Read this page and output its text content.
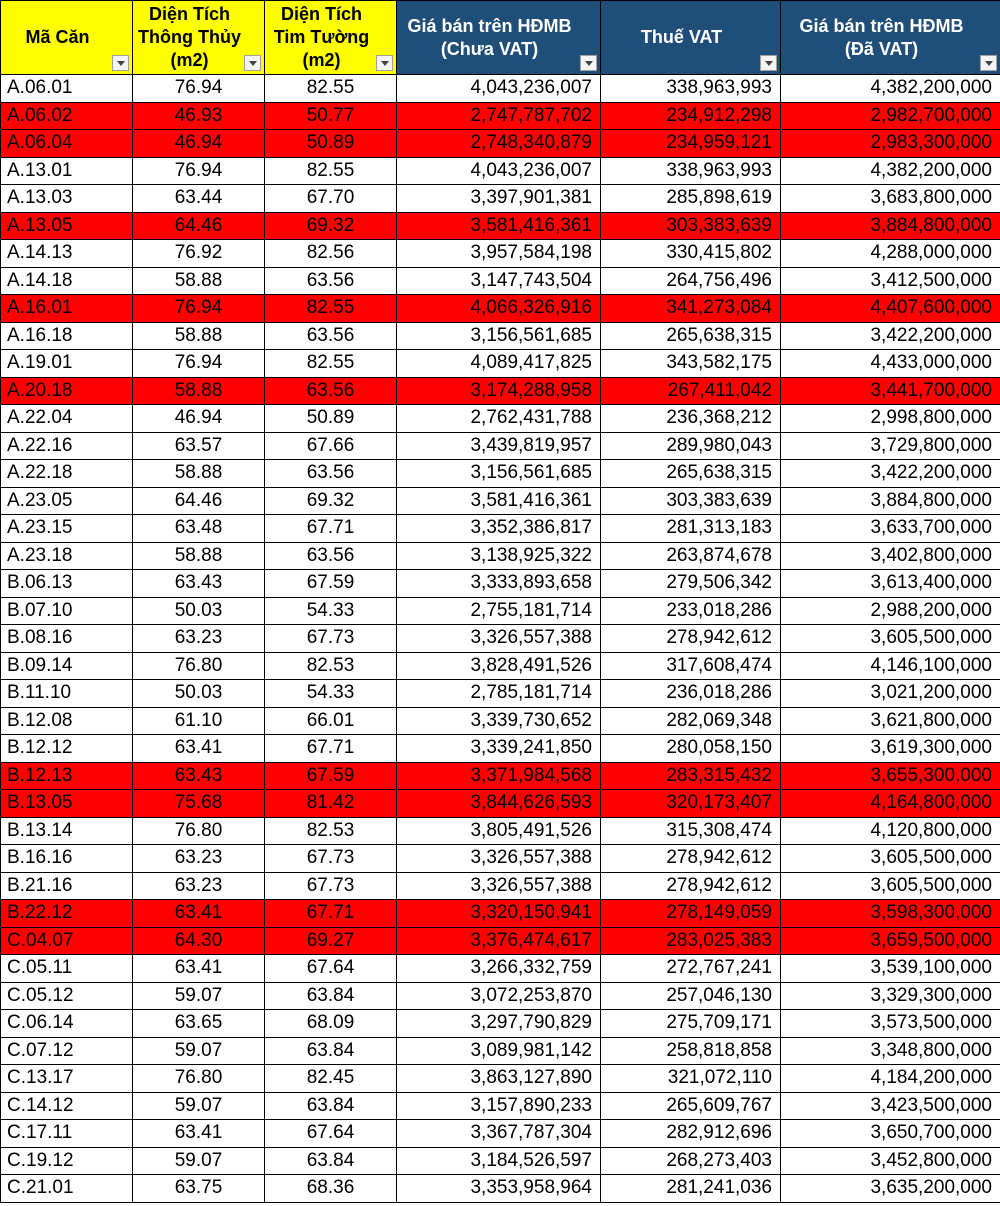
Mã Căn	Diện Tích
Thông Thủy
(m2)	Diện Tích
Tim Tường
(m2)	Giá bán trên HĐMB
(Chưa VAT)	Thuế VAT	Giá bán trên HĐMB
(Đã VAT)

A.06.01	76.94	82.55	4,043,236,007	338,963,993	4,382,200,000
A.06.02	46.93	50.77	2,747,787,702	234,912,298	2,982,700,000
A.06.04	46.94	50.89	2,748,340,879	234,959,121	2,983,300,000
A.13.01	76.94	82.55	4,043,236,007	338,963,993	4,382,200,000
A.13.03	63.44	67.70	3,397,901,381	285,898,619	3,683,800,000
A.13.05	64.46	69.32	3,581,416,361	303,383,639	3,884,800,000
A.14.13	76.92	82.56	3,957,584,198	330,415,802	4,288,000,000
A.14.18	58.88	63.56	3,147,743,504	264,756,496	3,412,500,000
A.16.01	76.94	82.55	4,066,326,916	341,273,084	4,407,600,000
A.16.18	58.88	63.56	3,156,561,685	265,638,315	3,422,200,000
A.19.01	76.94	82.55	4,089,417,825	343,582,175	4,433,000,000
A.20.18	58.88	63.56	3,174,288,958	267,411,042	3,441,700,000
A.22.04	46.94	50.89	2,762,431,788	236,368,212	2,998,800,000
A.22.16	63.57	67.66	3,439,819,957	289,980,043	3,729,800,000
A.22.18	58.88	63.56	3,156,561,685	265,638,315	3,422,200,000
A.23.05	64.46	69.32	3,581,416,361	303,383,639	3,884,800,000
A.23.15	63.48	67.71	3,352,386,817	281,313,183	3,633,700,000
A.23.18	58.88	63.56	3,138,925,322	263,874,678	3,402,800,000
B.06.13	63.43	67.59	3,333,893,658	279,506,342	3,613,400,000
B.07.10	50.03	54.33	2,755,181,714	233,018,286	2,988,200,000
B.08.16	63.23	67.73	3,326,557,388	278,942,612	3,605,500,000
B.09.14	76.80	82.53	3,828,491,526	317,608,474	4,146,100,000
B.11.10	50.03	54.33	2,785,181,714	236,018,286	3,021,200,000
B.12.08	61.10	66.01	3,339,730,652	282,069,348	3,621,800,000
B.12.12	63.41	67.71	3,339,241,850	280,058,150	3,619,300,000
B.12.13	63.43	67.59	3,371,984,568	283,315,432	3,655,300,000
B.13.05	75.68	81.42	3,844,626,593	320,173,407	4,164,800,000
B.13.14	76.80	82.53	3,805,491,526	315,308,474	4,120,800,000
B.16.16	63.23	67.73	3,326,557,388	278,942,612	3,605,500,000
B.21.16	63.23	67.73	3,326,557,388	278,942,612	3,605,500,000
B.22.12	63.41	67.71	3,320,150,941	278,149,059	3,598,300,000
C.04.07	64.30	69.27	3,376,474,617	283,025,383	3,659,500,000
C.05.11	63.41	67.64	3,266,332,759	272,767,241	3,539,100,000
C.05.12	59.07	63.84	3,072,253,870	257,046,130	3,329,300,000
C.06.14	63.65	68.09	3,297,790,829	275,709,171	3,573,500,000
C.07.12	59.07	63.84	3,089,981,142	258,818,858	3,348,800,000
C.13.17	76.80	82.45	3,863,127,890	321,072,110	4,184,200,000
C.14.12	59.07	63.84	3,157,890,233	265,609,767	3,423,500,000
C.17.11	63.41	67.64	3,367,787,304	282,912,696	3,650,700,000
C.19.12	59.07	63.84	3,184,526,597	268,273,403	3,452,800,000
C.21.01	63.75	68.36	3,353,958,964	281,241,036	3,635,200,000
